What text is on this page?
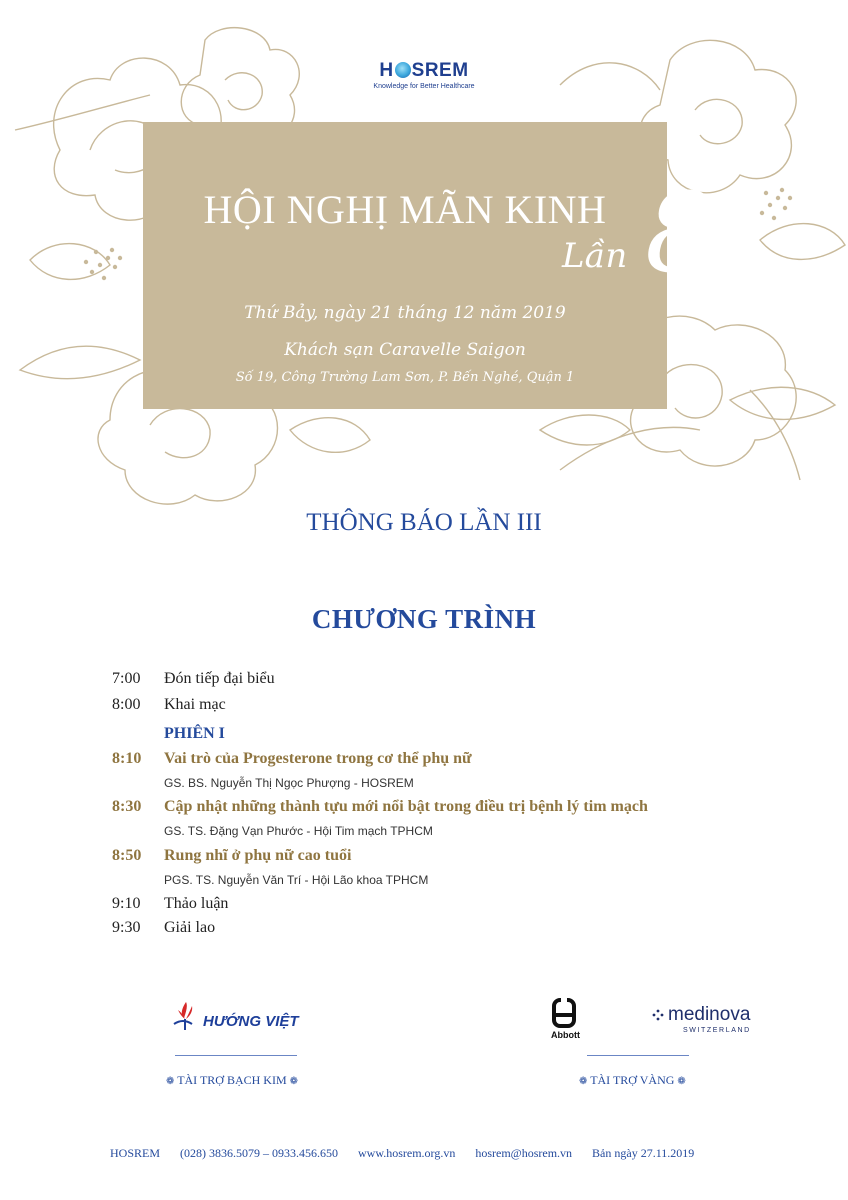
H SREM
Knowledge for Better Healthcare
HỘI NGHỊ MÃN KINH
Lần 8
Thứ Bảy, ngày 21 tháng 12 năm 2019
Khách sạn Caravelle Saigon
Số 19, Công Trường Lam Sơn, P. Bến Nghé, Quận 1
THÔNG BÁO LẦN III
CHƯƠNG TRÌNH
7:00	Đón tiếp đại biểu
8:00	Khai mạc
PHIÊN I
8:10	Vai trò của Progesterone trong cơ thể phụ nữ
GS. BS. Nguyễn Thị Ngọc Phượng - HOSREM
8:30	Cập nhật những thành tựu mới nổi bật trong điều trị bệnh lý tim mạch
GS. TS. Đặng Vạn Phước - Hội Tim mạch TPHCM
8:50	Rung nhĩ ở phụ nữ cao tuổi
PGS. TS. Nguyễn Văn Trí - Hội Lão khoa TPHCM
9:10	Thảo luận
9:30	Giải lao
HƯỚNG VIỆT
Abbott
medinova
SWITZERLAND
❁ TÀI TRỢ BẠCH KIM ❁	❁ TÀI TRỢ VÀNG ❁
HOSREM (028) 3836.5079 – 0933.456.650 www.hosrem.org.vn hosrem@hosrem.vn Bản ngày 27.11.2019
